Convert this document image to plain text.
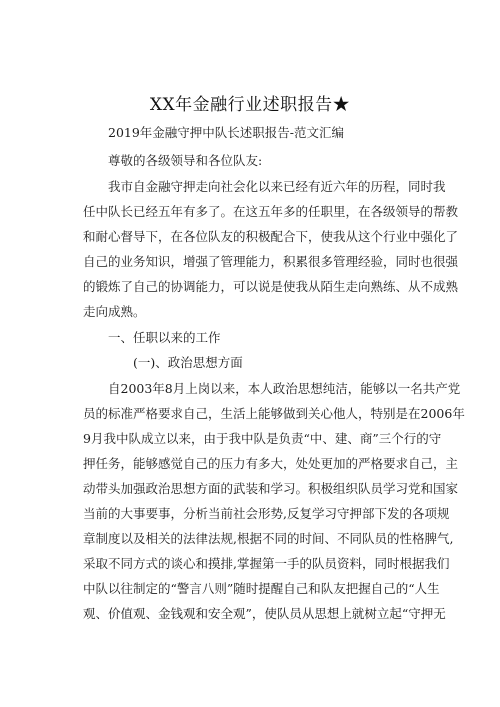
XX年金融行业述职报告★
2019年金融守押中队长述职报告-范文汇编
尊敬的各级领导和各位队友:
我市自金融守押走向社会化以来已经有近六年的历程，同时我
任中队长已经五年有多了。在这五年多的任职里，在各级领导的帮教
和耐心督导下，在各位队友的积极配合下，使我从这个行业中强化了
自己的业务知识，增强了管理能力，积累很多管理经验，同时也很强
的锻炼了自己的协调能力，可以说是使我从陌生走向熟练、从不成熟
走向成熟。
一、任职以来的工作
(一)、政治思想方面
自2003年8月上岗以来，本人政治思想纯洁，能够以一名共产党
员的标准严格要求自己，生活上能够做到关心他人，特别是在2006年
9月我中队成立以来，由于我中队是负责“中、建、商”三个行的守
押任务，能够感觉自己的压力有多大，处处更加的严格要求自己，主
动带头加强政治思想方面的武装和学习。积极组织队员学习党和国家
当前的大事要事，分析当前社会形势,反复学习守押部下发的各项规
章制度以及相关的法律法规,根据不同的时间、不同队员的性格脾气,
采取不同方式的谈心和摸排,掌握第一手的队员资料，同时根据我们
中队以往制定的“警言八则”随时提醒自己和队友把握自己的“人生
观、价值观、金钱观和安全观”，使队员从思想上就树立起“守押无
